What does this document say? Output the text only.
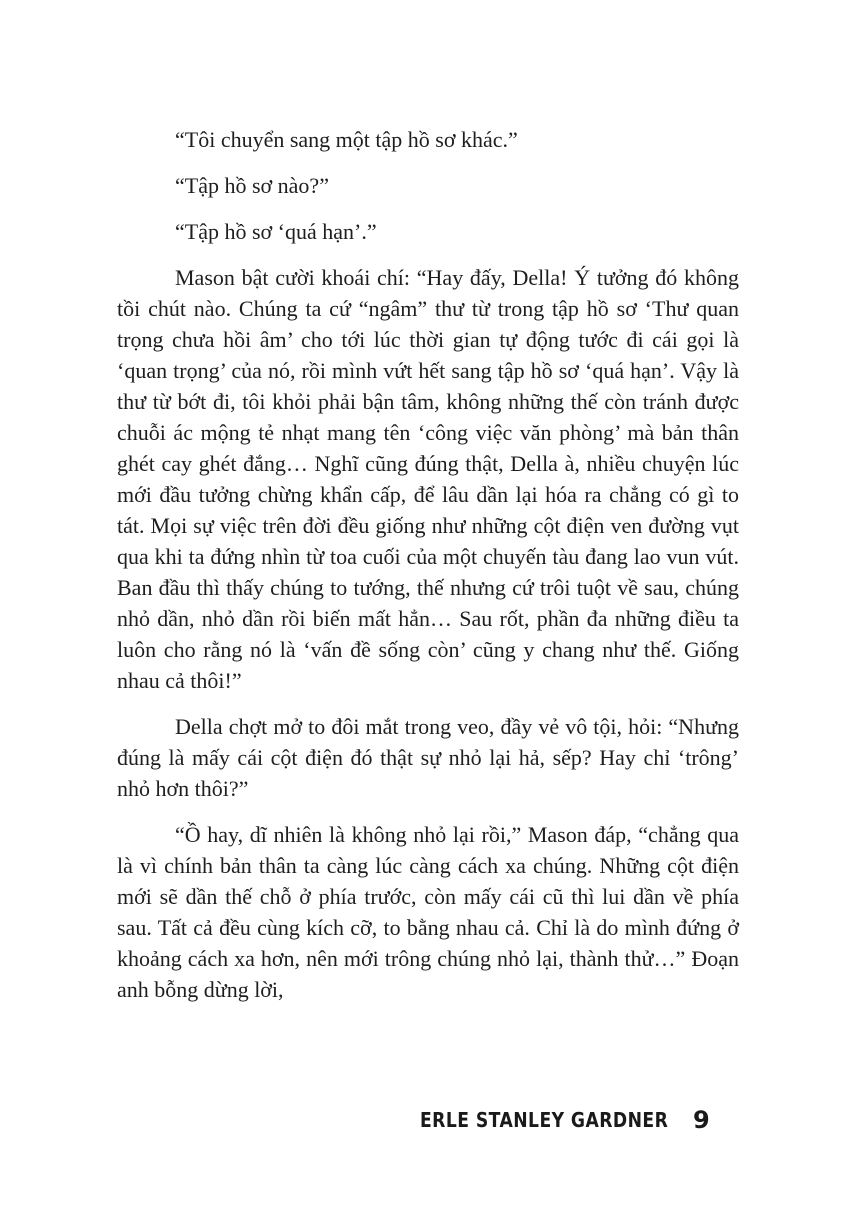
“Tôi chuyển sang một tập hồ sơ khác.”

“Tập hồ sơ nào?”

“Tập hồ sơ ‘quá hạn’.”

Mason bật cười khoái chí: “Hay đấy, Della! Ý tưởng đó không tồi chút nào. Chúng ta cứ “ngâm” thư từ trong tập hồ sơ ‘Thư quan trọng chưa hồi âm’ cho tới lúc thời gian tự động tước đi cái gọi là ‘quan trọng’ của nó, rồi mình vứt hết sang tập hồ sơ ‘quá hạn’. Vậy là thư từ bớt đi, tôi khỏi phải bận tâm, không những thế còn tránh được chuỗi ác mộng tẻ nhạt mang tên ‘công việc văn phòng’ mà bản thân ghét cay ghét đắng… Nghĩ cũng đúng thật, Della à, nhiều chuyện lúc mới đầu tưởng chừng khẩn cấp, để lâu dần lại hóa ra chẳng có gì to tát. Mọi sự việc trên đời đều giống như những cột điện ven đường vụt qua khi ta đứng nhìn từ toa cuối của một chuyến tàu đang lao vun vút. Ban đầu thì thấy chúng to tướng, thế nhưng cứ trôi tuột về sau, chúng nhỏ dần, nhỏ dần rồi biến mất hẳn… Sau rốt, phần đa những điều ta luôn cho rằng nó là ‘vấn đề sống còn’ cũng y chang như thế. Giống nhau cả thôi!”

Della chợt mở to đôi mắt trong veo, đầy vẻ vô tội, hỏi: “Nhưng đúng là mấy cái cột điện đó thật sự nhỏ lại hả, sếp? Hay chỉ ‘trông’ nhỏ hơn thôi?”

“Ồ hay, dĩ nhiên là không nhỏ lại rồi,” Mason đáp, “chẳng qua là vì chính bản thân ta càng lúc càng cách xa chúng. Những cột điện mới sẽ dần thế chỗ ở phía trước, còn mấy cái cũ thì lui dần về phía sau. Tất cả đều cùng kích cỡ, to bằng nhau cả. Chỉ là do mình đứng ở khoảng cách xa hơn, nên mới trông chúng nhỏ lại, thành thử…” Đoạn anh bỗng dừng lời,

ERLE STANLEY GARDNER 9
